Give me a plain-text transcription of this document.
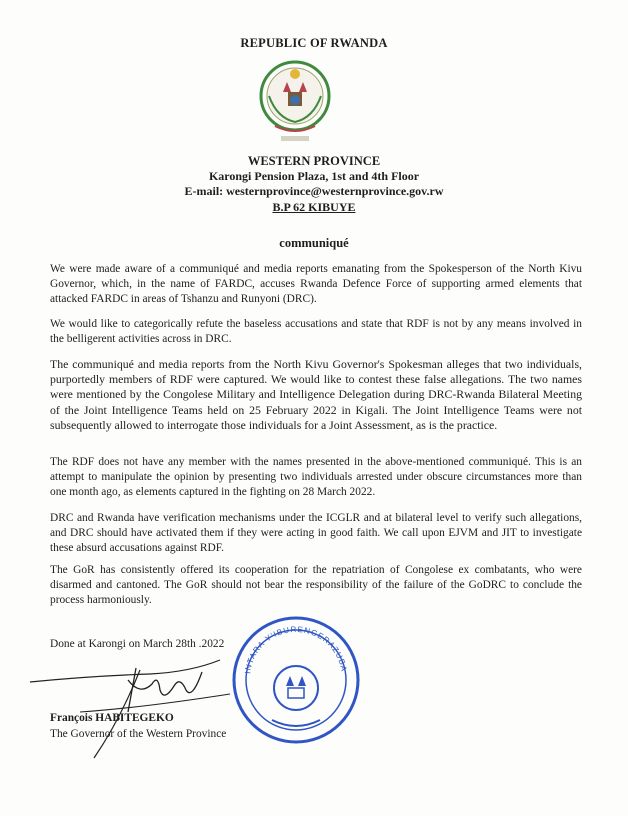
REPUBLIC OF RWANDA
WESTERN PROVINCE
Karongi Pension Plaza, 1st and 4th Floor
E-mail: westernprovince@westernprovince.gov.rw
B.P 62 KIBUYE
communiqué

We were made aware of a communiqué and media reports emanating from the Spokesperson of the North Kivu Governor, which, in the name of FARDC, accuses Rwanda Defence Force of supporting armed elements that attacked FARDC in areas of Tshanzu and Runyoni (DRC).

We would like to categorically refute the baseless accusations and state that RDF is not by any means involved in the belligerent activities across in DRC.

The communiqué and media reports from the North Kivu Governor's Spokesman alleges that two individuals, purportedly members of RDF were captured. We would like to contest these false allegations. The two names were mentioned by the Congolese Military and Intelligence Delegation during DRC-Rwanda Bilateral Meeting of the Joint Intelligence Teams held on 25 February 2022 in Kigali. The Joint Intelligence Teams were not subsequently allowed to interrogate those individuals for a Joint Assessment, as is the practice.

The RDF does not have any member with the names presented in the above-mentioned communiqué. This is an attempt to manipulate the opinion by presenting two individuals arrested under obscure circumstances more than one month ago, as elements captured in the fighting on 28 March 2022.

DRC and Rwanda have verification mechanisms under the ICGLR and at bilateral level to verify such allegations, and DRC should have activated them if they were acting in good faith. We call upon EJVM and JIT to investigate these absurd accusations against RDF.

The GoR has consistently offered its cooperation for the repatriation of Congolese ex combatants, who were disarmed and cantoned. The GoR should not bear the responsibility of the failure of the GoDRC to conclude the process harmoniously.

Done at Karongi on March 28th .2022
INTARA Y'IBURENGERAZUBA
François HABITEGEKO
The Governor of the Western Province
